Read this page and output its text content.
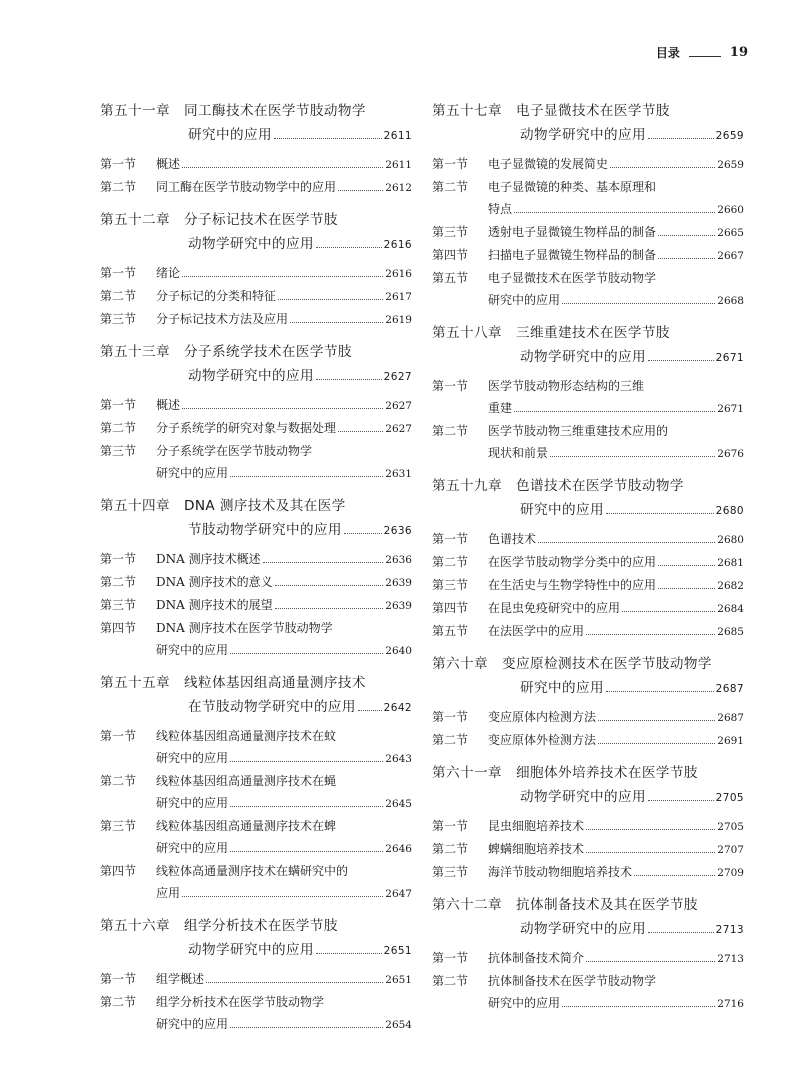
目录	19
第五十一章 同工酶技术在医学节肢动物学
研究中的应用	2611
第一节	概述	2611
第二节	同工酶在医学节肢动物学中的应用	2612
第五十二章 分子标记技术在医学节肢
动物学研究中的应用	2616
第一节	绪论	2616
第二节	分子标记的分类和特征	2617
第三节	分子标记技术方法及应用	2619
第五十三章 分子系统学技术在医学节肢
动物学研究中的应用	2627
第一节	概述	2627
第二节	分子系统学的研究对象与数据处理	2627
第三节	分子系统学在医学节肢动物学
研究中的应用	2631
第五十四章 DNA 测序技术及其在医学
节肢动物学研究中的应用	2636
第一节	DNA 测序技术概述	2636
第二节	DNA 测序技术的意义	2639
第三节	DNA 测序技术的展望	2639
第四节	DNA 测序技术在医学节肢动物学
研究中的应用	2640
第五十五章 线粒体基因组高通量测序技术
在节肢动物学研究中的应用	2642
第一节	线粒体基因组高通量测序技术在蚊
研究中的应用	2643
第二节	线粒体基因组高通量测序技术在蝇
研究中的应用	2645
第三节	线粒体基因组高通量测序技术在蜱
研究中的应用	2646
第四节	线粒体高通量测序技术在螨研究中的
应用	2647
第五十六章 组学分析技术在医学节肢
动物学研究中的应用	2651
第一节	组学概述	2651
第二节	组学分析技术在医学节肢动物学
研究中的应用	2654
第五十七章 电子显微技术在医学节肢
动物学研究中的应用	2659
第一节	电子显微镜的发展简史	2659
第二节	电子显微镜的种类、基本原理和
特点	2660
第三节	透射电子显微镜生物样品的制备	2665
第四节	扫描电子显微镜生物样品的制备	2667
第五节	电子显微技术在医学节肢动物学
研究中的应用	2668
第五十八章 三维重建技术在医学节肢
动物学研究中的应用	2671
第一节	医学节肢动物形态结构的三维
重建	2671
第二节	医学节肢动物三维重建技术应用的
现状和前景	2676
第五十九章 色谱技术在医学节肢动物学
研究中的应用	2680
第一节	色谱技术	2680
第二节	在医学节肢动物学分类中的应用	2681
第三节	在生活史与生物学特性中的应用	2682
第四节	在昆虫免疫研究中的应用	2684
第五节	在法医学中的应用	2685
第六十章 变应原检测技术在医学节肢动物学
研究中的应用	2687
第一节	变应原体内检测方法	2687
第二节	变应原体外检测方法	2691
第六十一章 细胞体外培养技术在医学节肢
动物学研究中的应用	2705
第一节	昆虫细胞培养技术	2705
第二节	蜱螨细胞培养技术	2707
第三节	海洋节肢动物细胞培养技术	2709
第六十二章 抗体制备技术及其在医学节肢
动物学研究中的应用	2713
第一节	抗体制备技术简介	2713
第二节	抗体制备技术在医学节肢动物学
研究中的应用	2716
